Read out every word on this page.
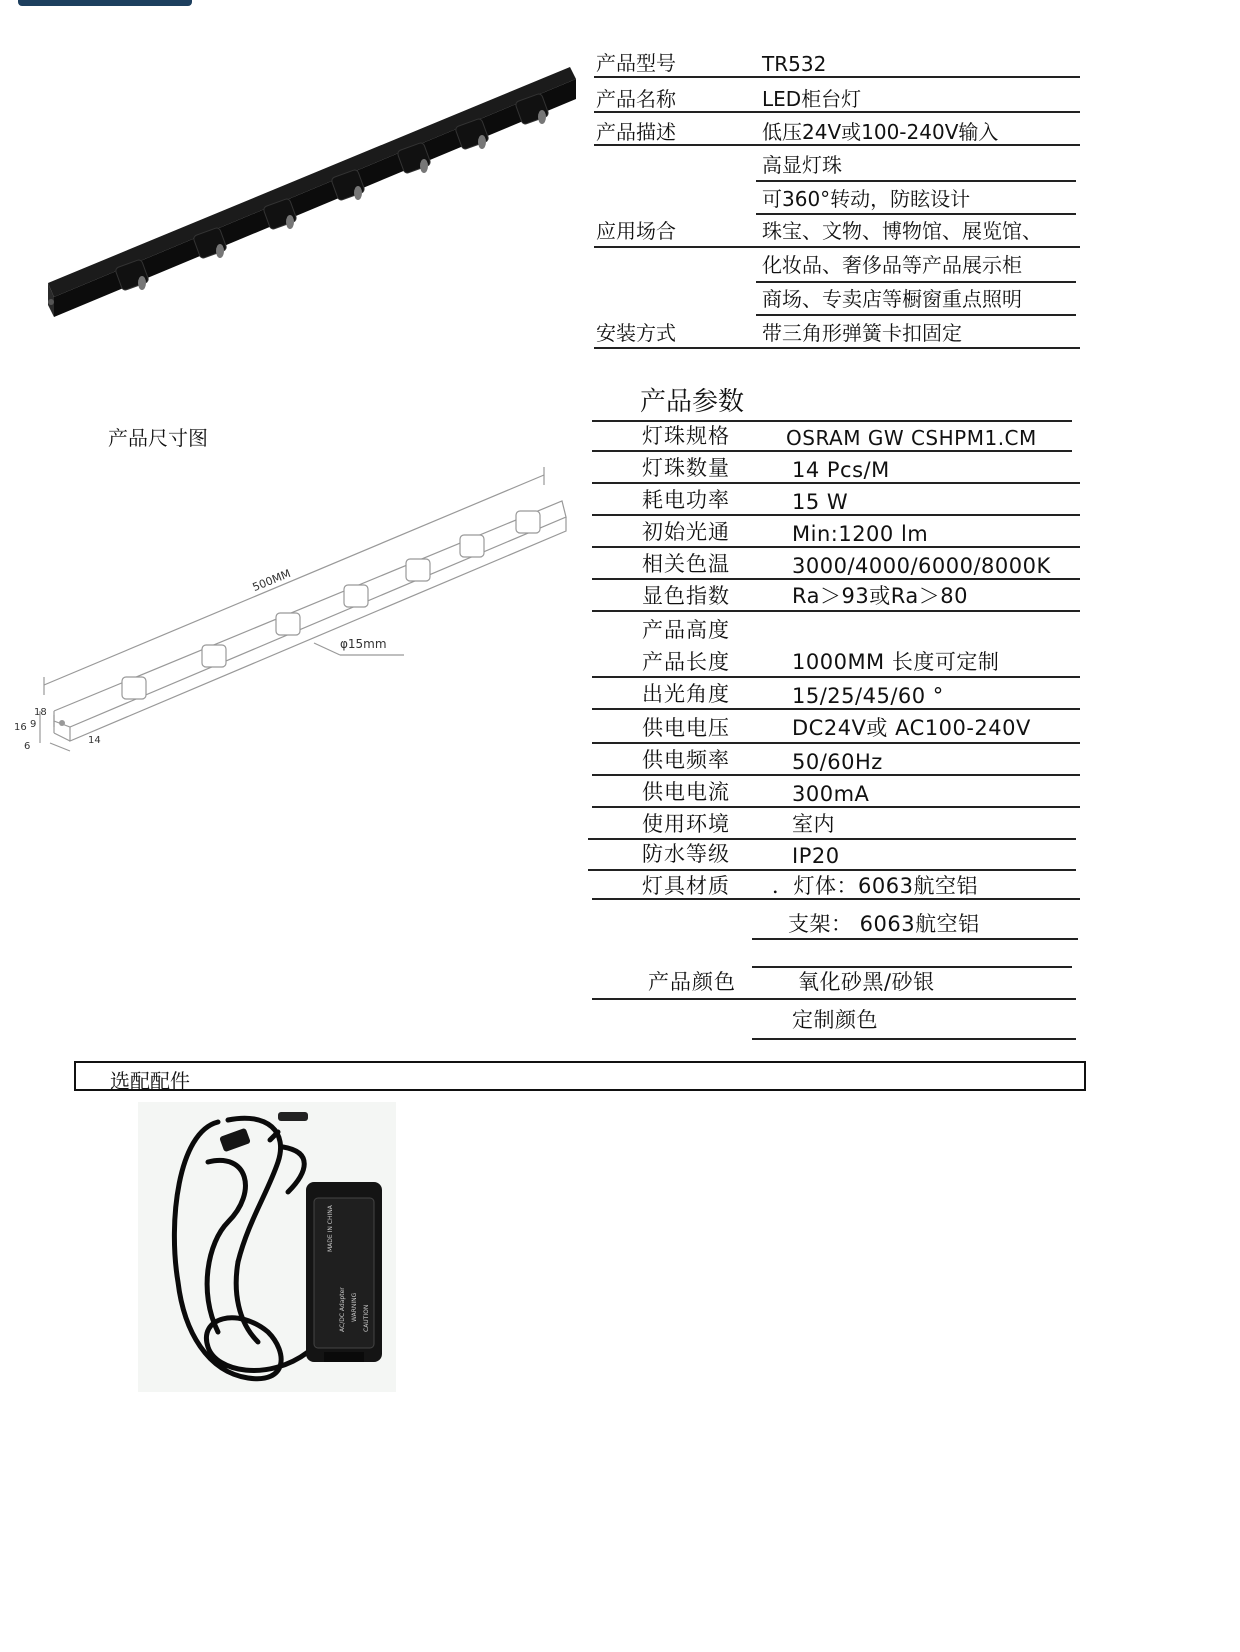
产品型号	TR532
产品名称	LED柜台灯
产品描述	低压24V或100-240V输入
高显灯珠
可360°转动，防眩设计
应用场合	珠宝、文物、博物馆、展览馆、
化妆品、奢侈品等产品展示柜
商场、专卖店等橱窗重点照明
安装方式	带三角形弹簧卡扣固定
产品尺寸图
500MM
φ15mm
18
16 9
6
14
产品参数
灯珠规格	OSRAM GW CSHPM1.CM
灯珠数量	14 Pcs/M
耗电功率	15 W
初始光通	Min:1200 lm
相关色温	3000/4000/6000/8000K
显色指数	Ra＞93或Ra＞80
产品高度
产品长度	1000MM 长度可定制
出光角度	15/25/45/60 °
供电电压	DC24V或 AC100-240V
供电频率	50/60Hz
供电电流	300mA
使用环境	室内
防水等级	IP20
灯具材质 ．灯体：6063航空铝
支架： 6063航空铝
产品颜色	氧化砂黑/砂银
定制颜色
选配配件
AC/DC Adapter WARNING CAUTION
MADE IN CHINA
